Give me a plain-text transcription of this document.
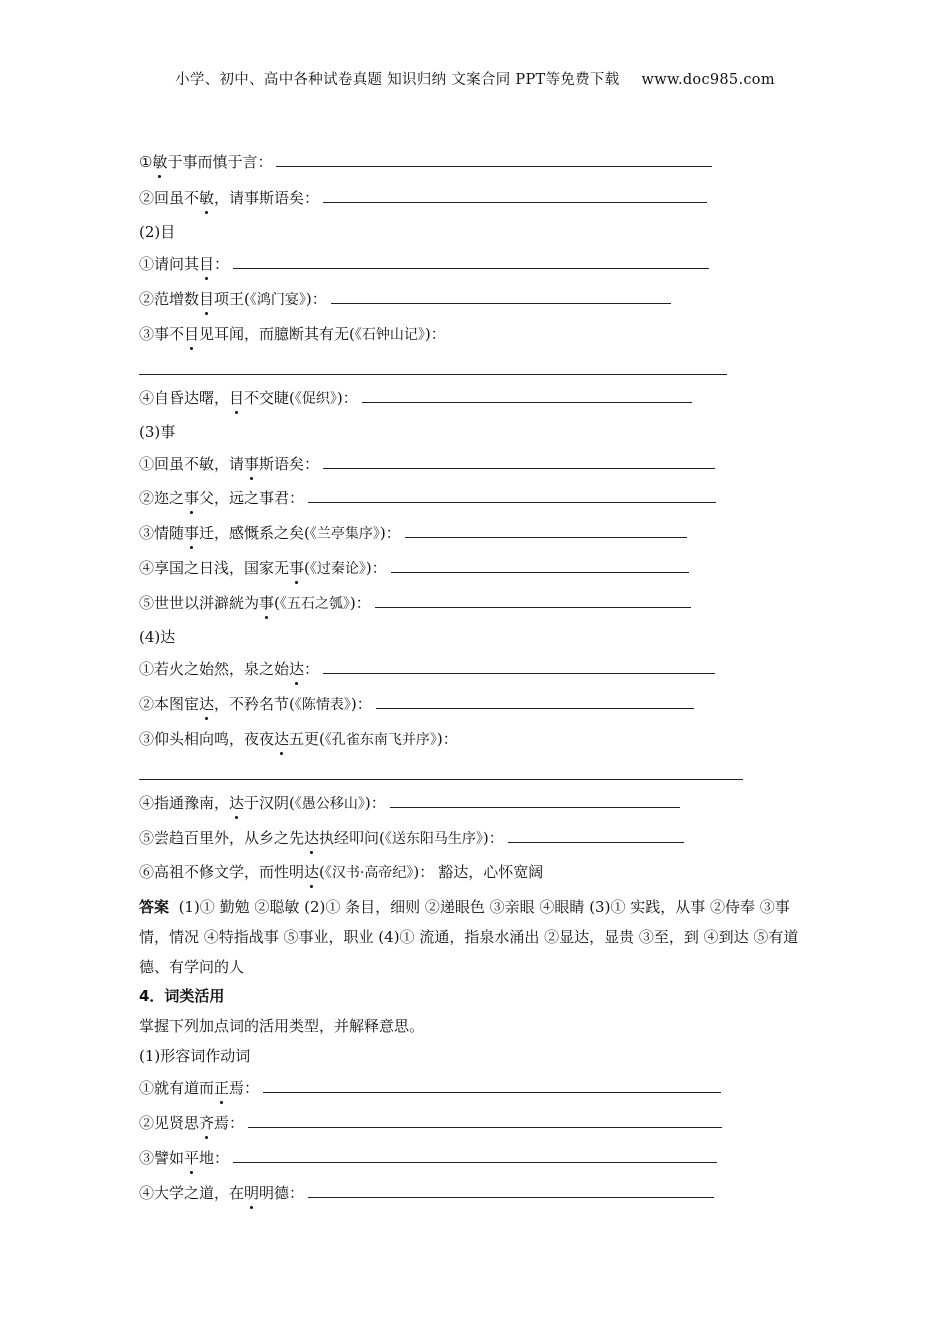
小学、初中、高中各种试卷真题 知识归纳 文案合同 PPT等免费下载 www.doc985.com
①敏于事而慎于言：
②回虽不敏，请事斯语矣：
(2)目
①请问其目：
②范增数目项王(《鸿门宴》)：
③事不目见耳闻，而臆断其有无(《石钟山记》)：
④自昏达曙，目不交睫(《促织》)：
(3)事
①回虽不敏，请事斯语矣：
②迩之事父，远之事君：
③情随事迁，感慨系之矣(《兰亭集序》)：
④享国之日浅，国家无事(《过秦论》)：
⑤世世以洴澼絖为事(《五石之瓠》)：
(4)达
①若火之始然，泉之始达：
②本图宦达，不矜名节(《陈情表》)：
③仰头相向鸣，夜夜达五更(《孔雀东南飞并序》)：
④指通豫南，达于汉阴(《愚公移山》)：
⑤尝趋百里外，从乡之先达执经叩问(《送东阳马生序》)：
⑥高祖不修文学，而性明达(《汉书·高帝纪》)： 豁达，心怀宽阔
答案 (1)① 勤勉 ②聪敏 (2)① 条目，细则 ②递眼色 ③亲眼 ④眼睛 (3)① 实践，从事 ②侍奉 ③事情，情况 ④特指战事 ⑤事业，职业 (4)① 流通，指泉水涌出 ②显达，显贵 ③至，到 ④到达 ⑤有道德、有学问的人
4．词类活用
掌握下列加点词的活用类型，并解释意思。
(1)形容词作动词
①就有道而正焉：
②见贤思齐焉：
③譬如平地：
④大学之道，在明明德：
